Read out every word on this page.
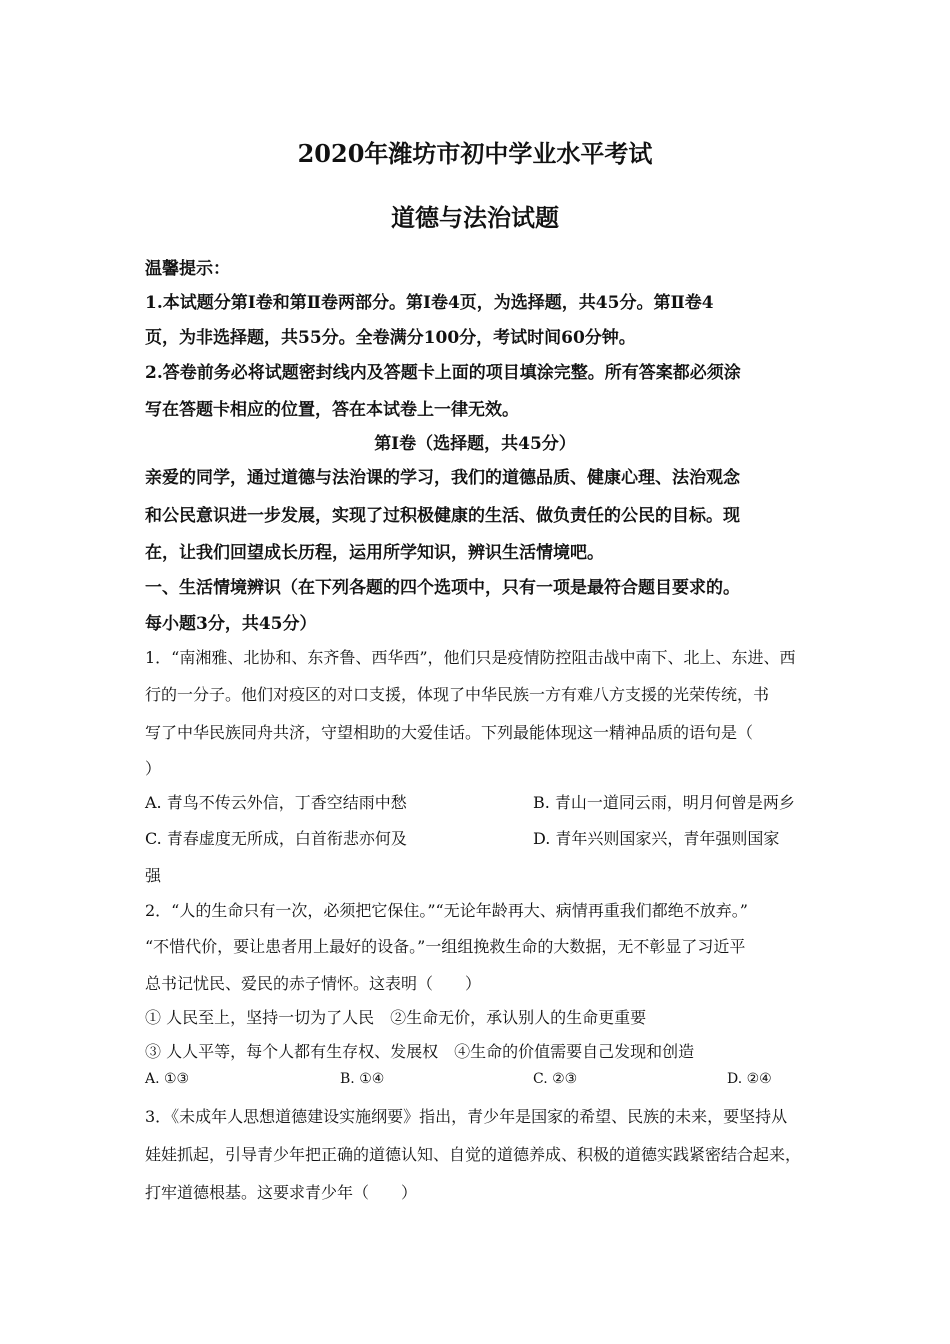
2020年潍坊市初中学业水平考试
道德与法治试题
温馨提示：
1.本试题分第Ⅰ卷和第Ⅱ卷两部分。第Ⅰ卷4页，为选择题，共45分。第Ⅱ卷4
页，为非选择题，共55分。全卷满分100分，考试时间60分钟。
2.答卷前务必将试题密封线内及答题卡上面的项目填涂完整。所有答案都必须涂
写在答题卡相应的位置，答在本试卷上一律无效。
第Ⅰ卷（选择题，共45分）
亲爱的同学，通过道德与法治课的学习，我们的道德品质、健康心理、法治观念
和公民意识进一步发展，实现了过积极健康的生活、做负责任的公民的目标。现
在，让我们回望成长历程，运用所学知识，辨识生活情境吧。
一、生活情境辨识（在下列各题的四个选项中，只有一项是最符合题目要求的。
每小题3分，共45分）
1．“南湘雅、北协和、东齐鲁、西华西”，他们只是疫情防控阻击战中南下、北上、东进、西
行的一分子。他们对疫区的对口支援，体现了中华民族一方有难八方支援的光荣传统，书
写了中华民族同舟共济，守望相助的大爱佳话。下列最能体现这一精神品质的语句是（
）
A. 青鸟不传云外信，丁香空结雨中愁	B. 青山一道同云雨，明月何曾是两乡
C. 青春虚度无所成，白首衔悲亦何及	D. 青年兴则国家兴，青年强则国家
强
2．“人的生命只有一次，必须把它保住。”“无论年龄再大、病情再重我们都绝不放弃。”
“不惜代价，要让患者用上最好的设备。”一组组挽救生命的大数据，无不彰显了习近平
总书记忧民、爱民的赤子情怀。这表明（　　）
① 人民至上，坚持一切为了人民　②生命无价，承认别人的生命更重要
③ 人人平等，每个人都有生存权、发展权　④生命的价值需要自己发现和创造
A. ①③	B. ①④	C. ②③	D. ②④
3．《未成年人思想道德建设实施纲要》指出，青少年是国家的希望、民族的未来，要坚持从
娃娃抓起，引导青少年把正确的道德认知、自觉的道德养成、积极的道德实践紧密结合起来，
打牢道德根基。这要求青少年（　　）
